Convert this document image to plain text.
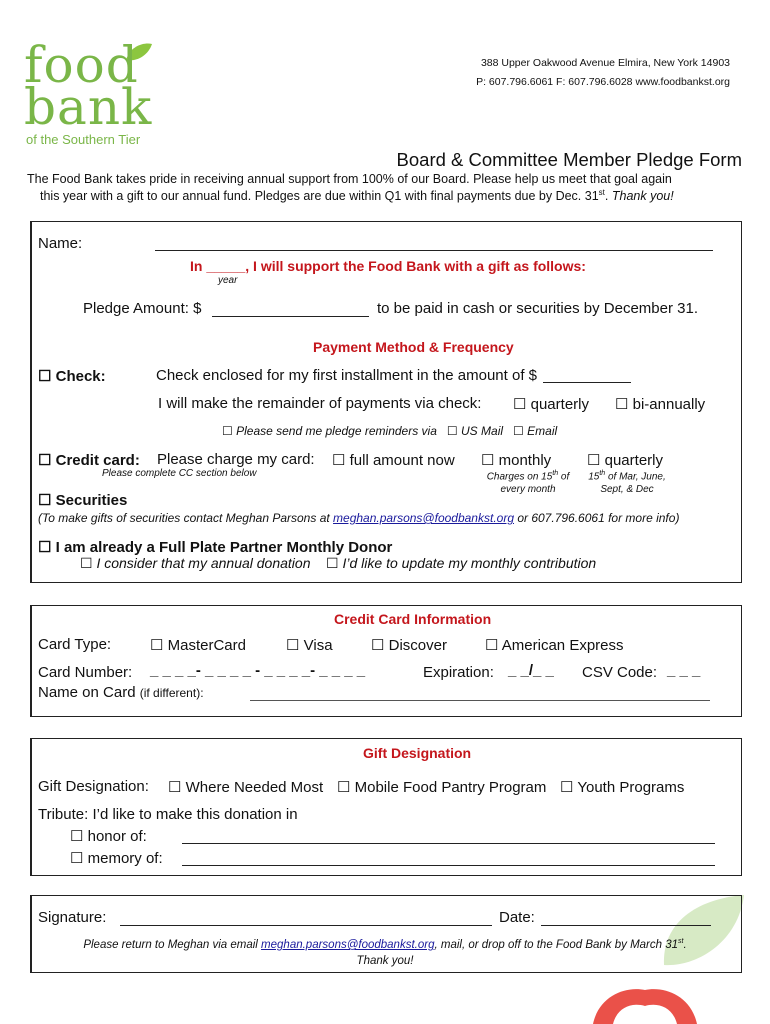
food
bank
of the Southern Tier
388 Upper Oakwood Avenue Elmira, New York 14903
P: 607.796.6061 F: 607.796.6028 www.foodbankst.org
Board & Committee Member Pledge Form
The Food Bank takes pride in receiving annual support from 100% of our Board. Please help us meet that goal again
this year with a gift to our annual fund. Pledges are due within Q1 with final payments due by Dec. 31st. Thank you!
Name:
In _____, I will support the Food Bank with a gift as follows:
year
Pledge Amount: $	to be paid in cash or securities by December 31.
Payment Method & Frequency
☐ Check:	Check enclosed for my first installment in the amount of $
I will make the remainder of payments via check: ☐ quarterly ☐ bi-annually
☐ Please send me pledge reminders via ☐ US Mail ☐ Email
☐ Credit card: Please charge my card:
Please complete CC section below
☐ full amount now ☐ monthly
Charges on 15th of
every month
☐ quarterly
15th of Mar, June,
Sept, & Dec
☐ Securities
(To make gifts of securities contact Meghan Parsons at meghan.parsons@foodbankst.org or 607.796.6061 for more info)
☐ I am already a Full Plate Partner Monthly Donor
☐ I consider that my annual donation ☐ I’d like to update my monthly contribution
Credit Card Information
Card Type:	☐ MasterCard	☐ Visa	☐ Discover	☐ American Express
Card Number: _ _ _ _- _ _ _ _ - _ _ _ _- _ _ _ _	Expiration: _ _/_ _ CSV Code: _ _ _
Name on Card (if different):
Gift Designation
Gift Designation: ☐ Where Needed Most ☐ Mobile Food Pantry Program ☐ Youth Programs
Tribute: I’d like to make this donation in
☐ honor of:
☐ memory of:
Signature:	Date:
Please return to Meghan via email meghan.parsons@foodbankst.org, mail, or drop off to the Food Bank by March 31st.
Thank you!
